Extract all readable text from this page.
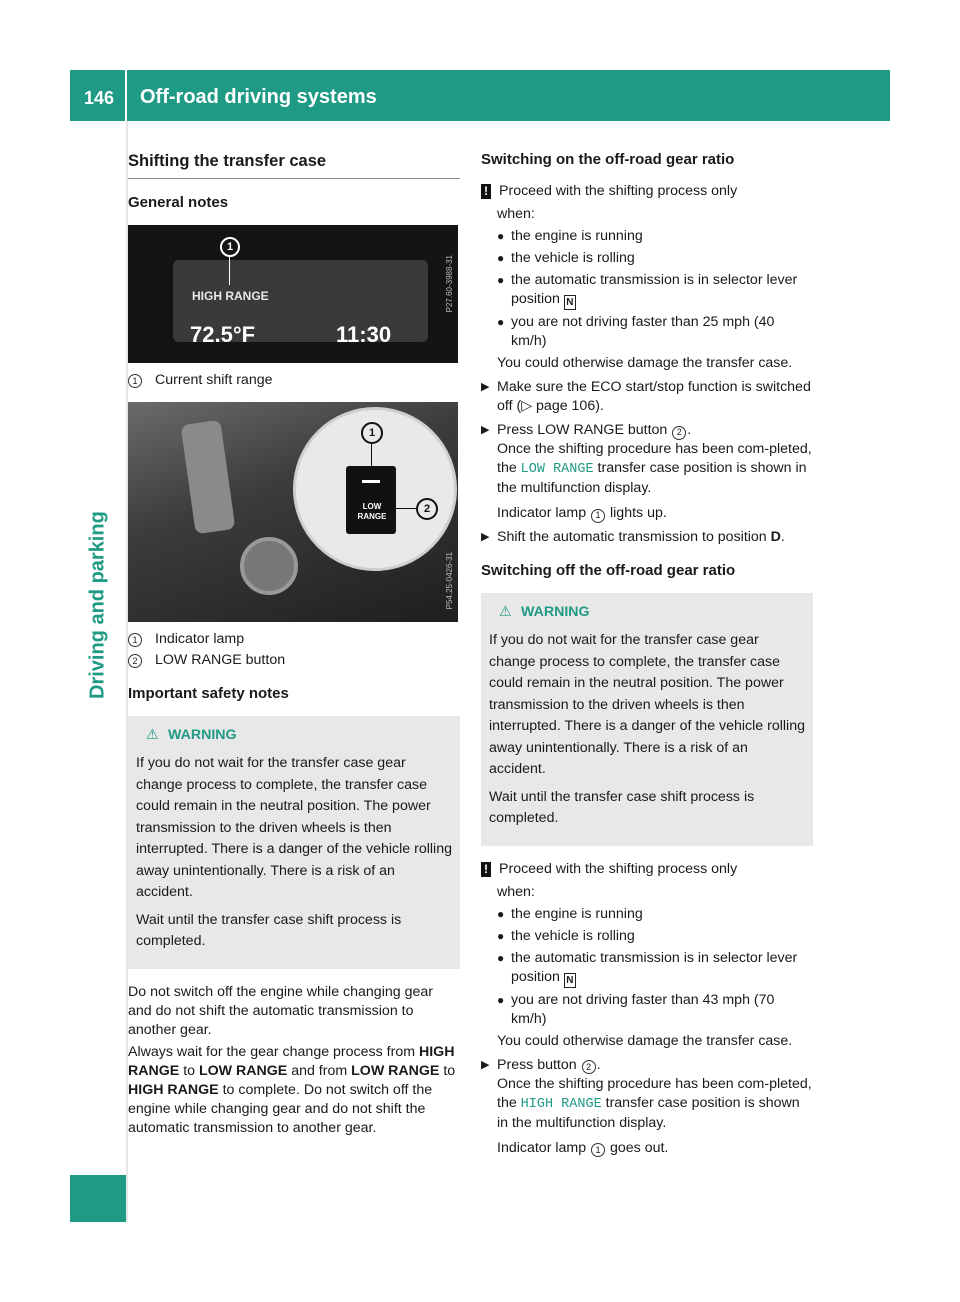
146 Off-road driving systems
Driving and parking
Shifting the transfer case
General notes
1
HIGH RANGE
72.5°F	11:30
P27.60-3988-31
1	Current shift range
LOW RANGE
1
2
P54.25-0426-31
1	Indicator lamp
2	LOW RANGE button
Important safety notes
⚠ WARNING

If you do not wait for the transfer case gear change process to complete, the transfer case could remain in the neutral position. The power transmission to the driven wheels is then interrupted. There is a danger of the vehicle rolling away unintentionally. There is a risk of an accident.

Wait until the transfer case shift process is completed.

Do not switch off the engine while changing gear and do not shift the automatic transmission to another gear.

Always wait for the gear change process from HIGH RANGE to LOW RANGE and from LOW RANGE to HIGH RANGE to complete. Do not switch off the engine while changing gear and do not shift the automatic transmission to another gear.

Switching on the off-road gear ratio
! Proceed with the shifting process only
when:
● the engine is running
● the vehicle is rolling
● the automatic transmission is in selector lever position N
● you are not driving faster than 25 mph (40 km/h)
You could otherwise damage the transfer case.
▶ Make sure the ECO start/stop function is switched off (▷ page 106).
▶ Press LOW RANGE button 2 .
Once the shifting procedure has been com-pleted, the LOW RANGE transfer case position is shown in the multifunction display.
Indicator lamp 1 lights up.
▶ Shift the automatic transmission to position D.
Switching off the off-road gear ratio
⚠ WARNING

If you do not wait for the transfer case gear change process to complete, the transfer case could remain in the neutral position. The power transmission to the driven wheels is then interrupted. There is a danger of the vehicle rolling away unintentionally. There is a risk of an accident.

Wait until the transfer case shift process is completed.

! Proceed with the shifting process only
when:
● the engine is running
● the vehicle is rolling
● the automatic transmission is in selector lever position N
● you are not driving faster than 43 mph (70 km/h)
You could otherwise damage the transfer case.
▶ Press button 2 .
Once the shifting procedure has been com-pleted, the HIGH RANGE transfer case position is shown in the multifunction display.
Indicator lamp 1 goes out.
